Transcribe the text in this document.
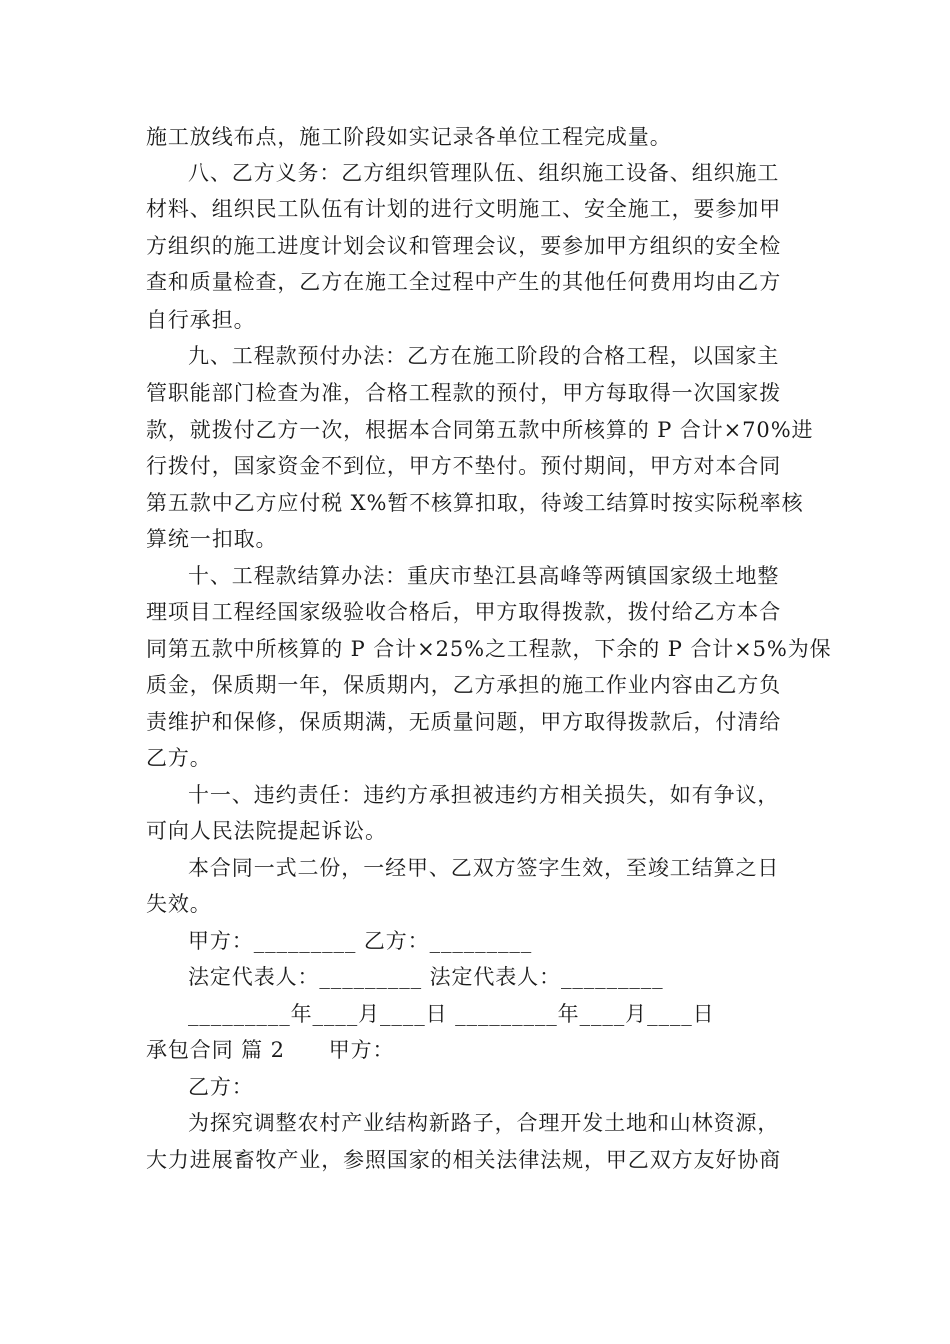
施工放线布点，施工阶段如实记录各单位工程完成量。
八、乙方义务：乙方组织管理队伍、组织施工设备、组织施工
材料、组织民工队伍有计划的进行文明施工、安全施工，要参加甲
方组织的施工进度计划会议和管理会议，要参加甲方组织的安全检
查和质量检查，乙方在施工全过程中产生的其他任何费用均由乙方
自行承担。
九、工程款预付办法：乙方在施工阶段的合格工程，以国家主
管职能部门检查为准，合格工程款的预付，甲方每取得一次国家拨
款，就拨付乙方一次，根据本合同第五款中所核算的 P 合计×70%进
行拨付，国家资金不到位，甲方不垫付。预付期间，甲方对本合同
第五款中乙方应付税 X%暂不核算扣取，待竣工结算时按实际税率核
算统一扣取。
十、工程款结算办法：重庆市垫江县高峰等两镇国家级土地整
理项目工程经国家级验收合格后，甲方取得拨款，拨付给乙方本合
同第五款中所核算的 P 合计×25%之工程款，下余的 P 合计×5%为保
质金，保质期一年，保质期内，乙方承担的施工作业内容由乙方负
责维护和保修，保质期满，无质量问题，甲方取得拨款后，付清给
乙方。
十一、违约责任：违约方承担被违约方相关损失，如有争议，
可向人民法院提起诉讼。
本合同一式二份，一经甲、乙双方签字生效，至竣工结算之日
失效。
甲方：_________ 乙方：_________
法定代表人：_________ 法定代表人：_________
_________年____月____日 _________年____月____日
承包合同 篇 2　　甲方：
乙方：
为探究调整农村产业结构新路子，合理开发土地和山林资源，
大力进展畜牧产业，参照国家的相关法律法规，甲乙双方友好协商
